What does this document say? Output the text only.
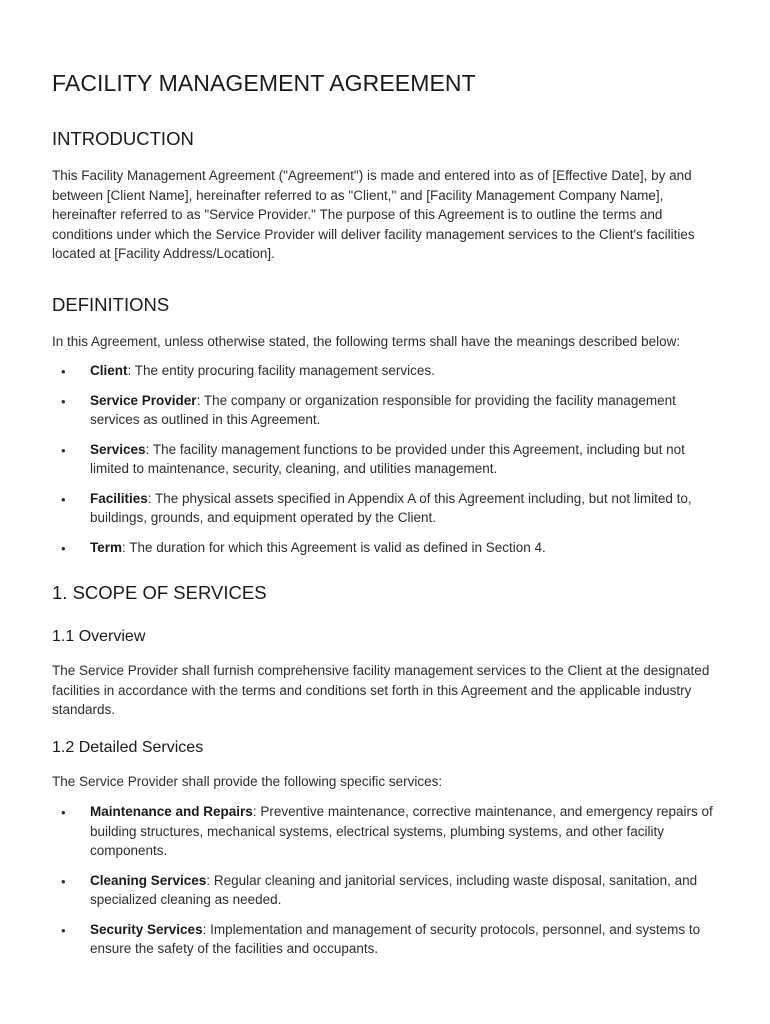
FACILITY MANAGEMENT AGREEMENT
INTRODUCTION

This Facility Management Agreement ("Agreement") is made and entered into as of [Effective Date], by and between [Client Name], hereinafter referred to as "Client," and [Facility Management Company Name], hereinafter referred to as "Service Provider." The purpose of this Agreement is to outline the terms and conditions under which the Service Provider will deliver facility management services to the Client's facilities located at [Facility Address/Location].

DEFINITIONS

In this Agreement, unless otherwise stated, the following terms shall have the meanings described below:

• Client: The entity procuring facility management services.
• Service Provider: The company or organization responsible for providing the facility management services as outlined in this Agreement.
• Services: The facility management functions to be provided under this Agreement, including but not limited to maintenance, security, cleaning, and utilities management.
• Facilities: The physical assets specified in Appendix A of this Agreement including, but not limited to, buildings, grounds, and equipment operated by the Client.
• Term: The duration for which this Agreement is valid as defined in Section 4.
1. SCOPE OF SERVICES
1.1 Overview

The Service Provider shall furnish comprehensive facility management services to the Client at the designated facilities in accordance with the terms and conditions set forth in this Agreement and the applicable industry standards.

1.2 Detailed Services

The Service Provider shall provide the following specific services:

• Maintenance and Repairs: Preventive maintenance, corrective maintenance, and emergency repairs of building structures, mechanical systems, electrical systems, plumbing systems, and other facility components.
• Cleaning Services: Regular cleaning and janitorial services, including waste disposal, sanitation, and specialized cleaning as needed.
• Security Services: Implementation and management of security protocols, personnel, and systems to ensure the safety of the facilities and occupants.
